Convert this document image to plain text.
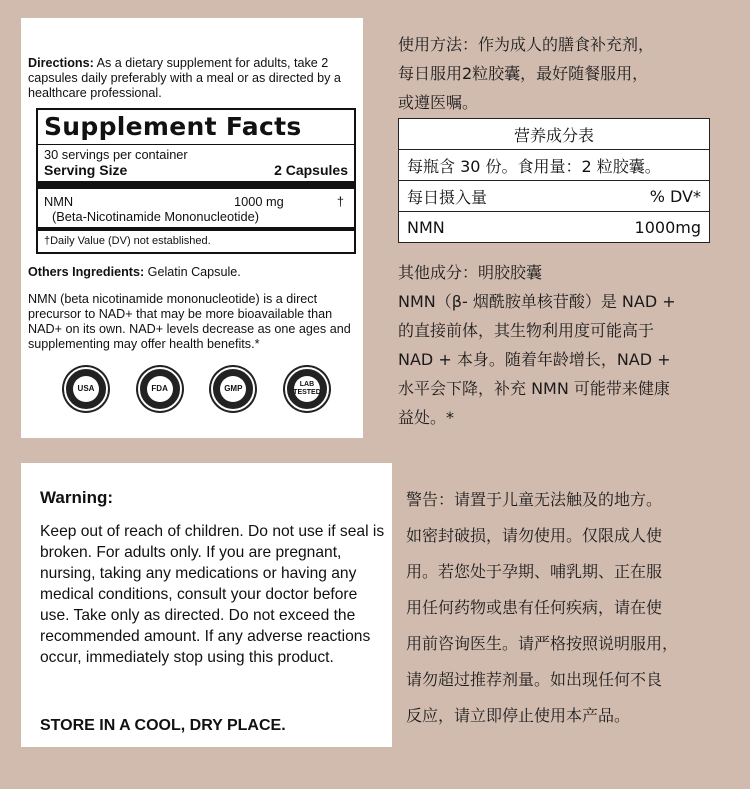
Directions: As a dietary supplement for adults, take 2 capsules daily preferably with a meal or as directed by a healthcare professional.
Supplement Facts
30 servings per container
Serving Size	2 Capsules
NMN	1000 mg	†
(Beta-Nicotinamide Mononucleotide)
†Daily Value (DV) not established.
Others Ingredients: Gelatin Capsule.
NMN (beta nicotinamide mononucleotide) is a direct precursor to NAD+ that may be more bioavailable than NAD+ on its own. NAD+ levels decrease as one ages and supplementing may offer health benefits.*
USA	FDA	GMP	LAB TESTED
使用方法：作为成人的膳食补充剂，
每日服用2粒胶囊，最好随餐服用，
或遵医嘱。
营养成分表
每瓶含 30 份。食用量：2 粒胶囊。
每日摄入量	% DV*
NMN	1000mg
其他成分：明胶胶囊
NMN（β- 烟酰胺单核苷酸）是 NAD +
的直接前体，其生物利用度可能高于
NAD + 本身。随着年龄增长，NAD +
水平会下降，补充 NMN 可能带来健康
益处。*
Warning:
Keep out of reach of children. Do not use if seal is broken. For adults only. If you are pregnant, nursing, taking any medications or having any medical conditions, consult your doctor before use. Take only as directed. Do not exceed the recommended amount. If any adverse reactions occur, immediately stop using this product.
STORE IN A COOL, DRY PLACE.
警告：请置于儿童无法触及的地方。
如密封破损，请勿使用。仅限成人使
用。若您处于孕期、哺乳期、正在服
用任何药物或患有任何疾病，请在使
用前咨询医生。请严格按照说明服用，
请勿超过推荐剂量。如出现任何不良
反应，请立即停止使用本产品。
